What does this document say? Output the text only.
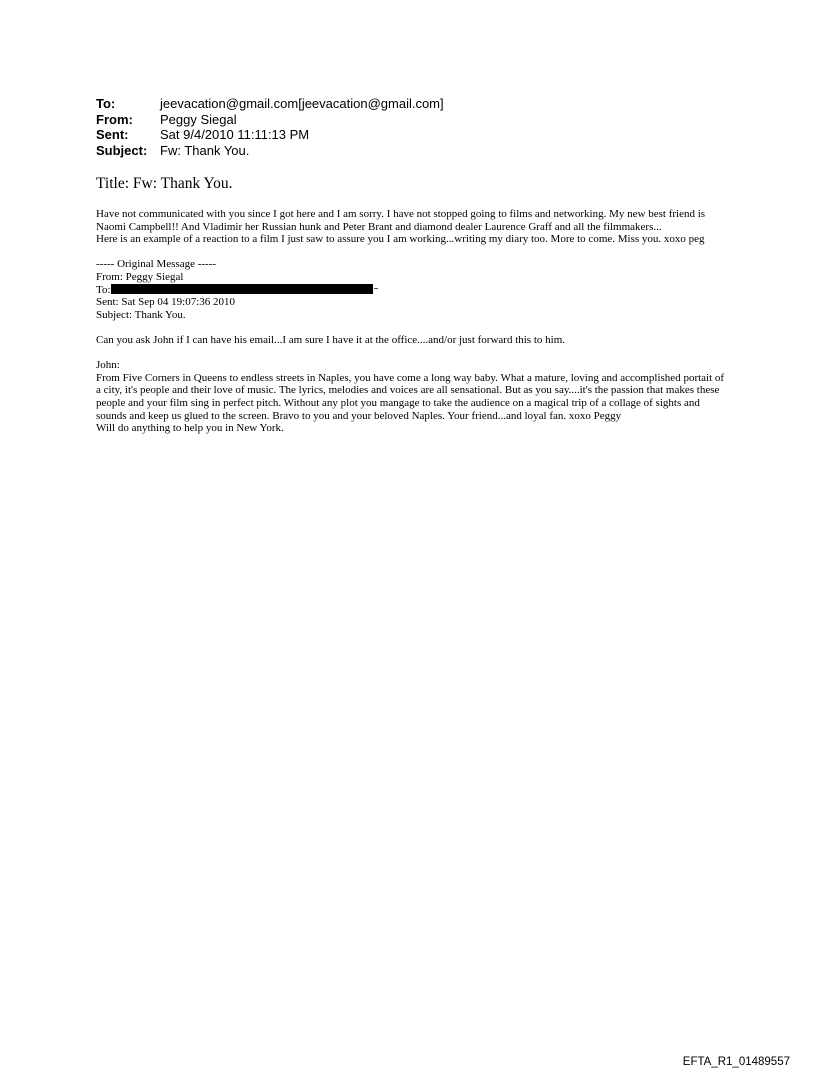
To:	jeevacation@gmail.com[jeevacation@gmail.com]
From:	Peggy Siegal
Sent:	Sat 9/4/2010 11:11:13 PM
Subject: Fw: Thank You.
Title: Fw: Thank You.

Have not communicated with you since I got here and I am sorry. I have not stopped going to films and networking. My new best friend is Naomi Campbell!! And Vladimir her Russian hunk and Peter Brant and diamond dealer Laurence Graff and all the filmmakers...

Here is an example of a reaction to a film I just saw to assure you I am working...writing my diary too. More to come. Miss you. xoxo peg

----- Original Message -----

From: Peggy Siegal

To:

Sent: Sat Sep 04 19:07:36 2010

Subject: Thank You.

Can you ask John if I can have his email...I am sure I have it at the office....and/or just forward this to him.

John:

From Five Corners in Queens to endless streets in Naples, you have come a long way baby. What a mature, loving and accomplished portait of a city, it's people and their love of music. The lyrics, melodies and voices are all sensational. But as you say....it's the passion that makes these people and your film sing in perfect pitch. Without any plot you mangage to take the audience on a magical trip of a collage of sights and sounds and keep us glued to the screen. Bravo to you and your beloved Naples. Your friend...and loyal fan. xoxo Peggy

Will do anything to help you in New York.

EFTA_R1_01489557
